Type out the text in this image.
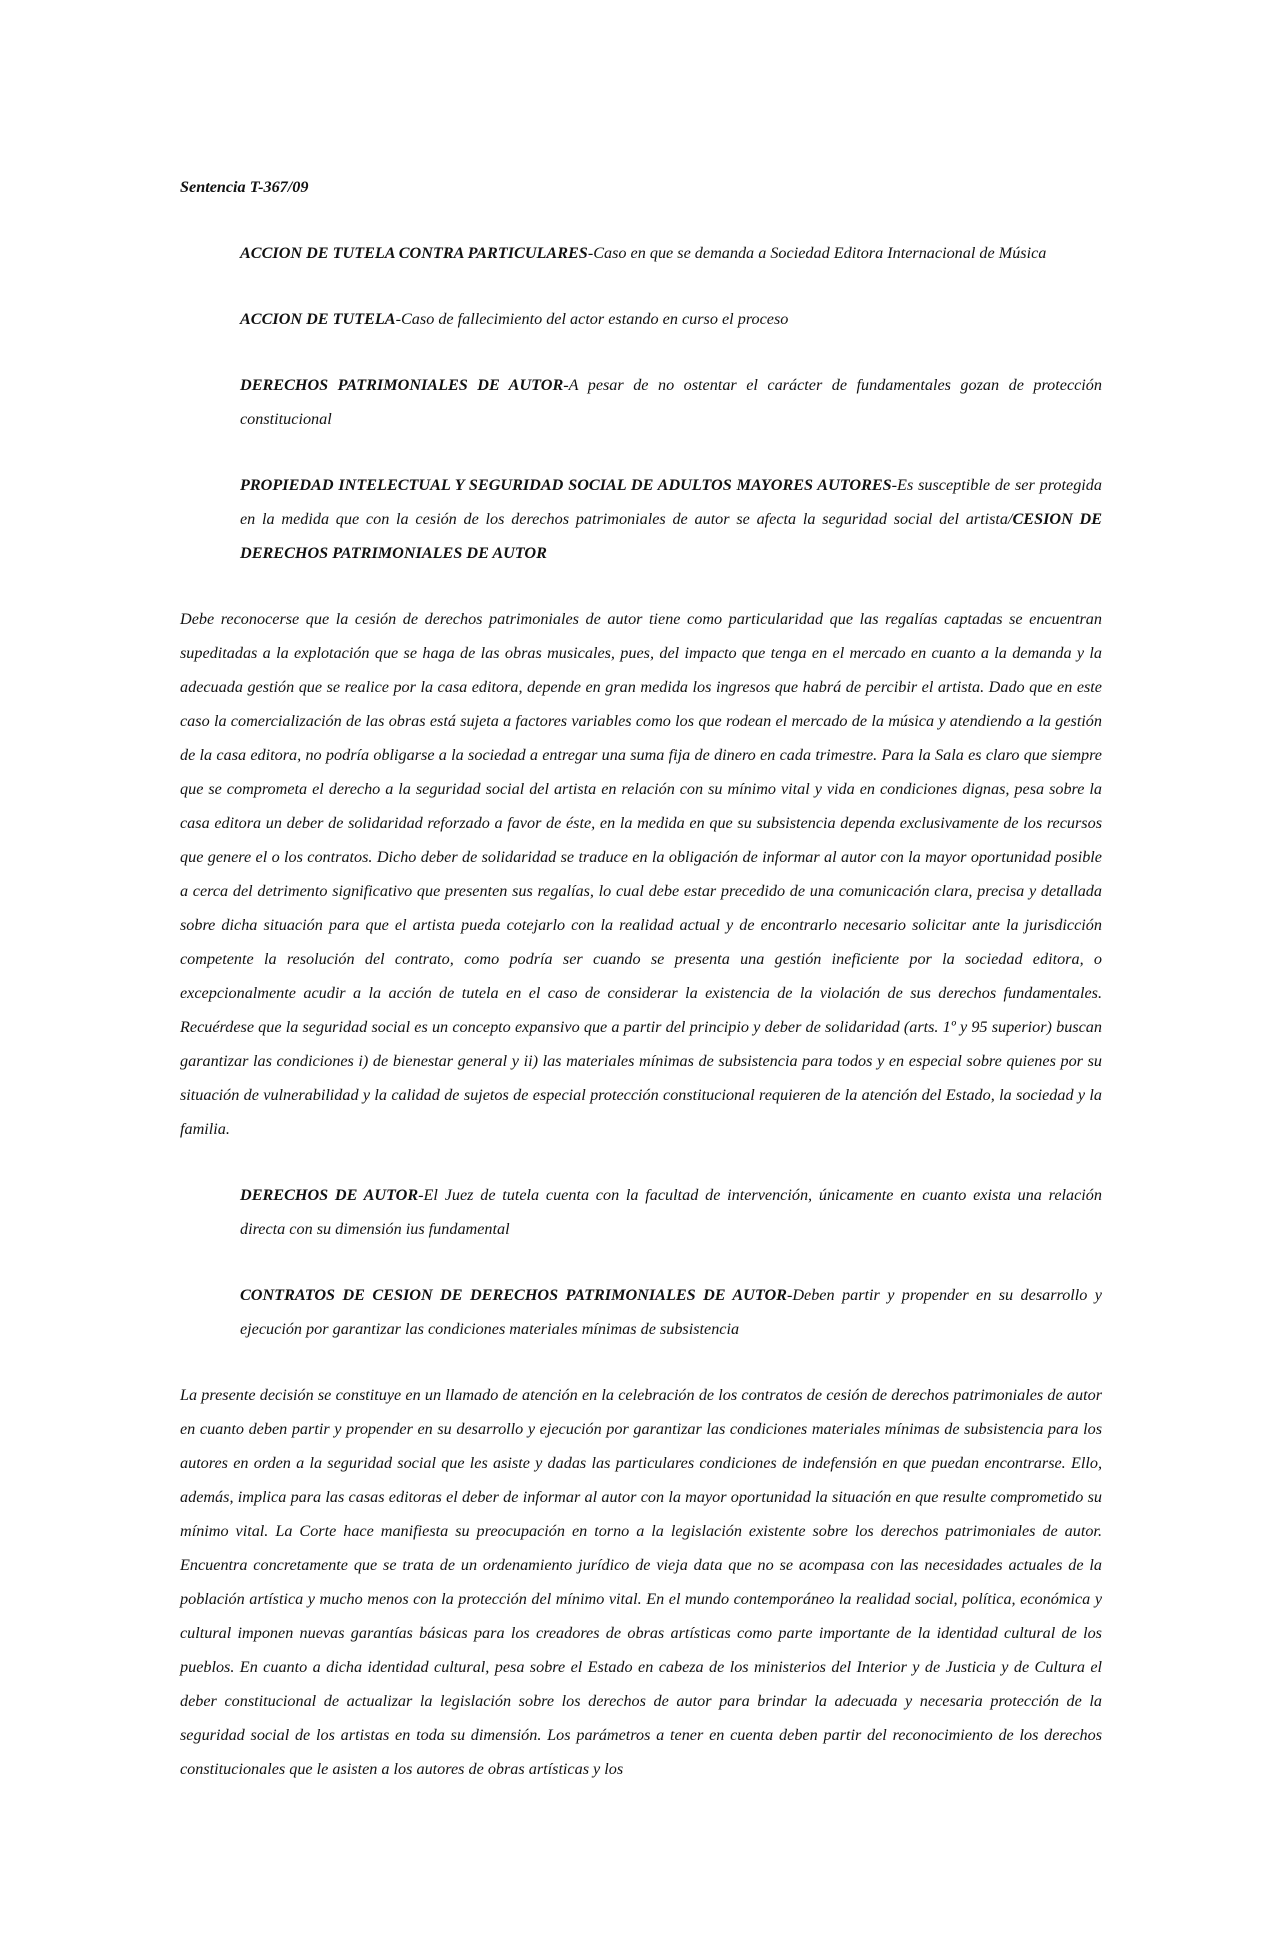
Sentencia T-367/09

ACCION DE TUTELA CONTRA PARTICULARES-Caso en que se demanda a Sociedad Editora Internacional de Música

ACCION DE TUTELA-Caso de fallecimiento del actor estando en curso el proceso

DERECHOS PATRIMONIALES DE AUTOR-A pesar de no ostentar el carácter de fundamentales gozan de protección constitucional

PROPIEDAD INTELECTUAL Y SEGURIDAD SOCIAL DE ADULTOS MAYORES AUTORES-Es susceptible de ser protegida en la medida que con la cesión de los derechos patrimoniales de autor se afecta la seguridad social del artista/CESION DE DERECHOS PATRIMONIALES DE AUTOR

Debe reconocerse que la cesión de derechos patrimoniales de autor tiene como particularidad que las regalías captadas se encuentran supeditadas a la explotación que se haga de las obras musicales, pues, del impacto que tenga en el mercado en cuanto a la demanda y la adecuada gestión que se realice por la casa editora, depende en gran medida los ingresos que habrá de percibir el artista. Dado que en este caso la comercialización de las obras está sujeta a factores variables como los que rodean el mercado de la música y atendiendo a la gestión de la casa editora, no podría obligarse a la sociedad a entregar una suma fija de dinero en cada trimestre. Para la Sala es claro que siempre que se comprometa el derecho a la seguridad social del artista en relación con su mínimo vital y vida en condiciones dignas, pesa sobre la casa editora un deber de solidaridad reforzado a favor de éste, en la medida en que su subsistencia dependa exclusivamente de los recursos que genere el o los contratos. Dicho deber de solidaridad se traduce en la obligación de informar al autor con la mayor oportunidad posible a cerca del detrimento significativo que presenten sus regalías, lo cual debe estar precedido de una comunicación clara, precisa y detallada sobre dicha situación para que el artista pueda cotejarlo con la realidad actual y de encontrarlo necesario solicitar ante la jurisdicción competente la resolución del contrato, como podría ser cuando se presenta una gestión ineficiente por la sociedad editora, o excepcionalmente acudir a la acción de tutela en el caso de considerar la existencia de la violación de sus derechos fundamentales. Recuérdese que la seguridad social es un concepto expansivo que a partir del principio y deber de solidaridad (arts. 1º y 95 superior) buscan garantizar las condiciones i) de bienestar general y ii) las materiales mínimas de subsistencia para todos y en especial sobre quienes por su situación de vulnerabilidad y la calidad de sujetos de especial protección constitucional requieren de la atención del Estado, la sociedad y la familia.

DERECHOS DE AUTOR-El Juez de tutela cuenta con la facultad de intervención, únicamente en cuanto exista una relación directa con su dimensión ius fundamental

CONTRATOS DE CESION DE DERECHOS PATRIMONIALES DE AUTOR-Deben partir y propender en su desarrollo y ejecución por garantizar las condiciones materiales mínimas de subsistencia

La presente decisión se constituye en un llamado de atención en la celebración de los contratos de cesión de derechos patrimoniales de autor en cuanto deben partir y propender en su desarrollo y ejecución por garantizar las condiciones materiales mínimas de subsistencia para los autores en orden a la seguridad social que les asiste y dadas las particulares condiciones de indefensión en que puedan encontrarse. Ello, además, implica para las casas editoras el deber de informar al autor con la mayor oportunidad la situación en que resulte comprometido su mínimo vital. La Corte hace manifiesta su preocupación en torno a la legislación existente sobre los derechos patrimoniales de autor. Encuentra concretamente que se trata de un ordenamiento jurídico de vieja data que no se acompasa con las necesidades actuales de la población artística y mucho menos con la protección del mínimo vital. En el mundo contemporáneo la realidad social, política, económica y cultural imponen nuevas garantías básicas para los creadores de obras artísticas como parte importante de la identidad cultural de los pueblos. En cuanto a dicha identidad cultural, pesa sobre el Estado en cabeza de los ministerios del Interior y de Justicia y de Cultura el deber constitucional de actualizar la legislación sobre los derechos de autor para brindar la adecuada y necesaria protección de la seguridad social de los artistas en toda su dimensión. Los parámetros a tener en cuenta deben partir del reconocimiento de los derechos constitucionales que le asisten a los autores de obras artísticas y los
